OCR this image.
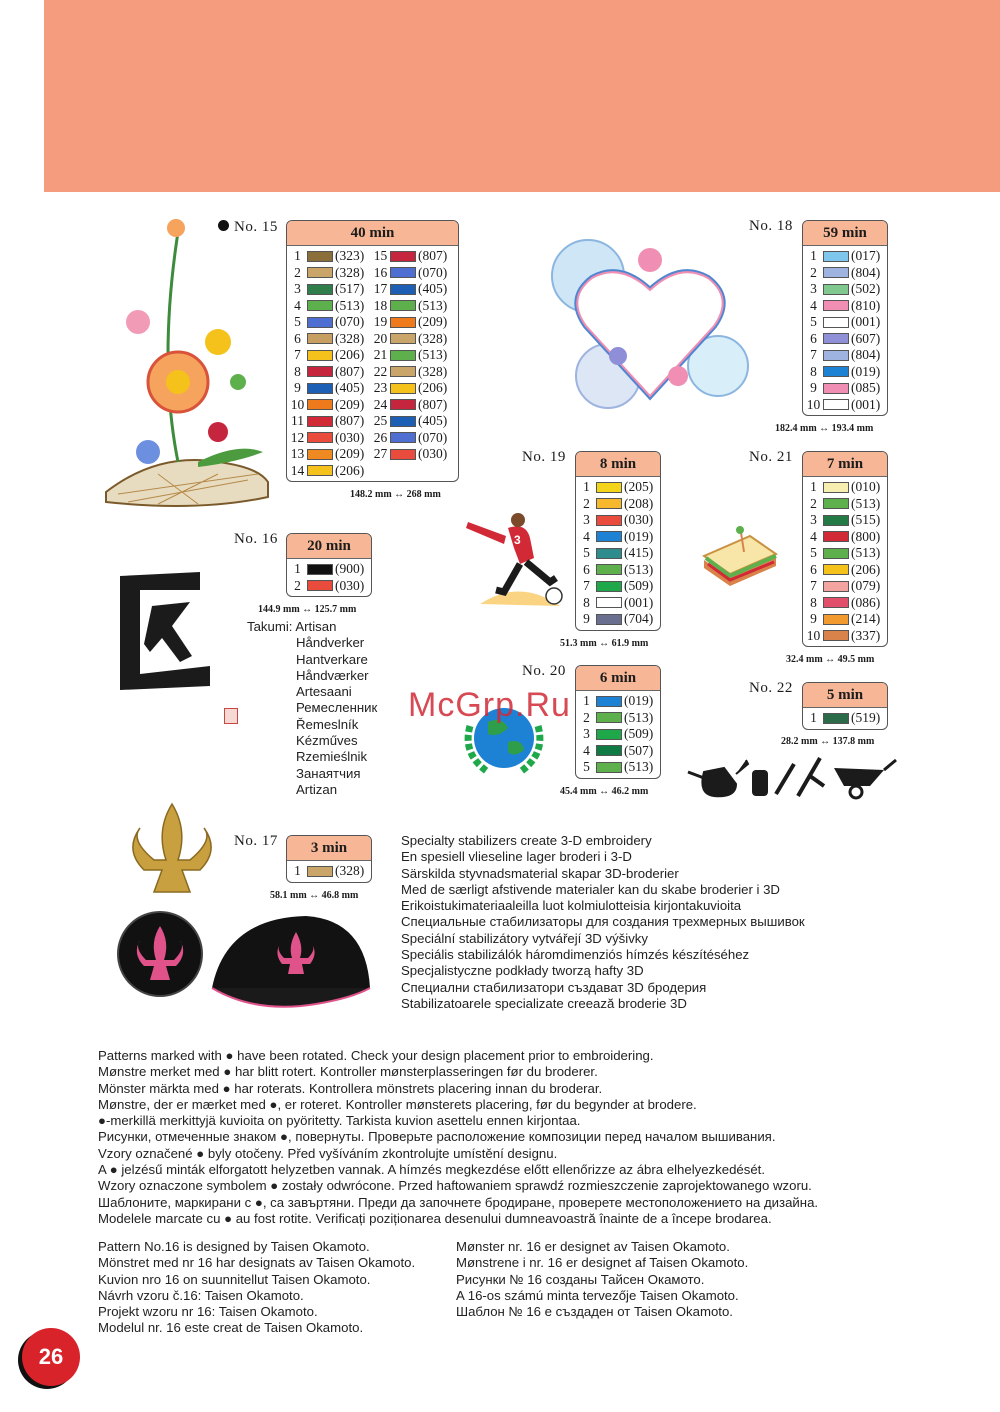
3
McGrp.Ru
No. 15
No. 16
No. 17
No. 18
No. 19
No. 20
No. 21
No. 22
40 min
1	(323)
2	(328)
3	(517)
4	(513)
5	(070)
6	(328)
7	(206)
8	(807)
9	(405)
10 (209)
11 (807)
12 (030)
13 (209)
14 (206)
15 (807)
16 (070)
17 (405)
18 (513)
19 (209)
20 (328)
21 (513)
22 (328)
23 (206)
24 (807)
25 (405)
26 (070)
27 (030)
20 min
1	(900)
2	(030)
3 min
1	(328)
59 min
1	(017)
2	(804)
3	(502)
4	(810)
5	(001)
6	(607)
7	(804)
8	(019)
9	(085)
10 (001)
8 min
1	(205)
2	(208)
3	(030)
4	(019)
5	(415)
6	(513)
7	(509)
8	(001)
9	(704)
6 min
1	(019)
2	(513)
3	(509)
4	(507)
5	(513)
7 min
1	(010)
2	(513)
3	(515)
4	(800)
5	(513)
6	(206)
7	(079)
8	(086)
9	(214)
10 (337)
5 min
1	(519)
148.2 mm ↔ 268 mm
144.9 mm ↔ 125.7 mm
58.1 mm ↔ 46.8 mm
182.4 mm ↔ 193.4 mm
51.3 mm ↔ 61.9 mm
45.4 mm ↔ 46.2 mm
32.4 mm ↔ 49.5 mm
28.2 mm ↔ 137.8 mm
Takumi: Artisan
Håndverker
Hantverkare
Håndværker
Artesaani
Ремесленник
Řemeslník
Kézműves
Rzemieślnik
Занаятчия
Artizan
Specialty stabilizers create 3-D embroidery
En spesiell vlieseline lager broderi i 3-D
Särskilda styvnadsmaterial skapar 3D-broderier
Med de særligt afstivende materialer kan du skabe broderier i 3D
Erikoistukimateriaaleilla luot kolmiulotteisia kirjontakuvioita
Специальные стабилизаторы для создания трехмерных вышивок
Speciální stabilizátory vytvářejí 3D výšivky
Speciális stabilizálók háromdimenziós hímzés készítéséhez
Specjalistyczne podkłady tworzą hafty 3D
Специални стабилизатори създават 3D бродерия
Stabilizatoarele specializate creează broderie 3D
Patterns marked with ● have been rotated. Check your design placement prior to embroidering.
Mønstre merket med ● har blitt rotert. Kontroller mønsterplasseringen før du broderer.
Mönster märkta med ● har roterats. Kontrollera mönstrets placering innan du broderar.
Mønstre, der er mærket med ●, er roteret. Kontroller mønsterets placering, før du begynder at brodere.
●-merkillä merkittyjä kuvioita on pyöritetty. Tarkista kuvion asettelu ennen kirjontaa.
Рисунки, отмеченные знаком ●, повернуты. Проверьте расположение композиции перед началом вышивания.
Vzory označené ● byly otočeny. Před vyšíváním zkontrolujte umístění designu.
A ● jelzésű minták elforgatott helyzetben vannak. A hímzés megkezdése előtt ellenőrizze az ábra elhelyezkedését.
Wzory oznaczone symbolem ● zostały odwrócone. Przed haftowaniem sprawdź rozmieszczenie zaprojektowanego wzoru.
Шаблоните, маркирани с ●, са завъртяни. Преди да започнете бродиране, проверете местоположението на дизайна.
Modelele marcate cu ● au fost rotite. Verificați poziționarea desenului dumneavoastră înainte de a începe brodarea.
Pattern No.16 is designed by Taisen Okamoto.
Mönstret med nr 16 har designats av Taisen Okamoto.
Kuvion nro 16 on suunnitellut Taisen Okamoto.
Návrh vzoru č.16: Taisen Okamoto.
Projekt wzoru nr 16: Taisen Okamoto.
Modelul nr. 16 este creat de Taisen Okamoto.
Mønster nr. 16 er designet av Taisen Okamoto.
Mønstrene i nr. 16 er designet af Taisen Okamoto.
Рисунки № 16 созданы Тайсен Окамото.
A 16-os számú minta tervezője Taisen Okamoto.
Шаблон № 16 е създаден от Taisen Okamoto.
26
